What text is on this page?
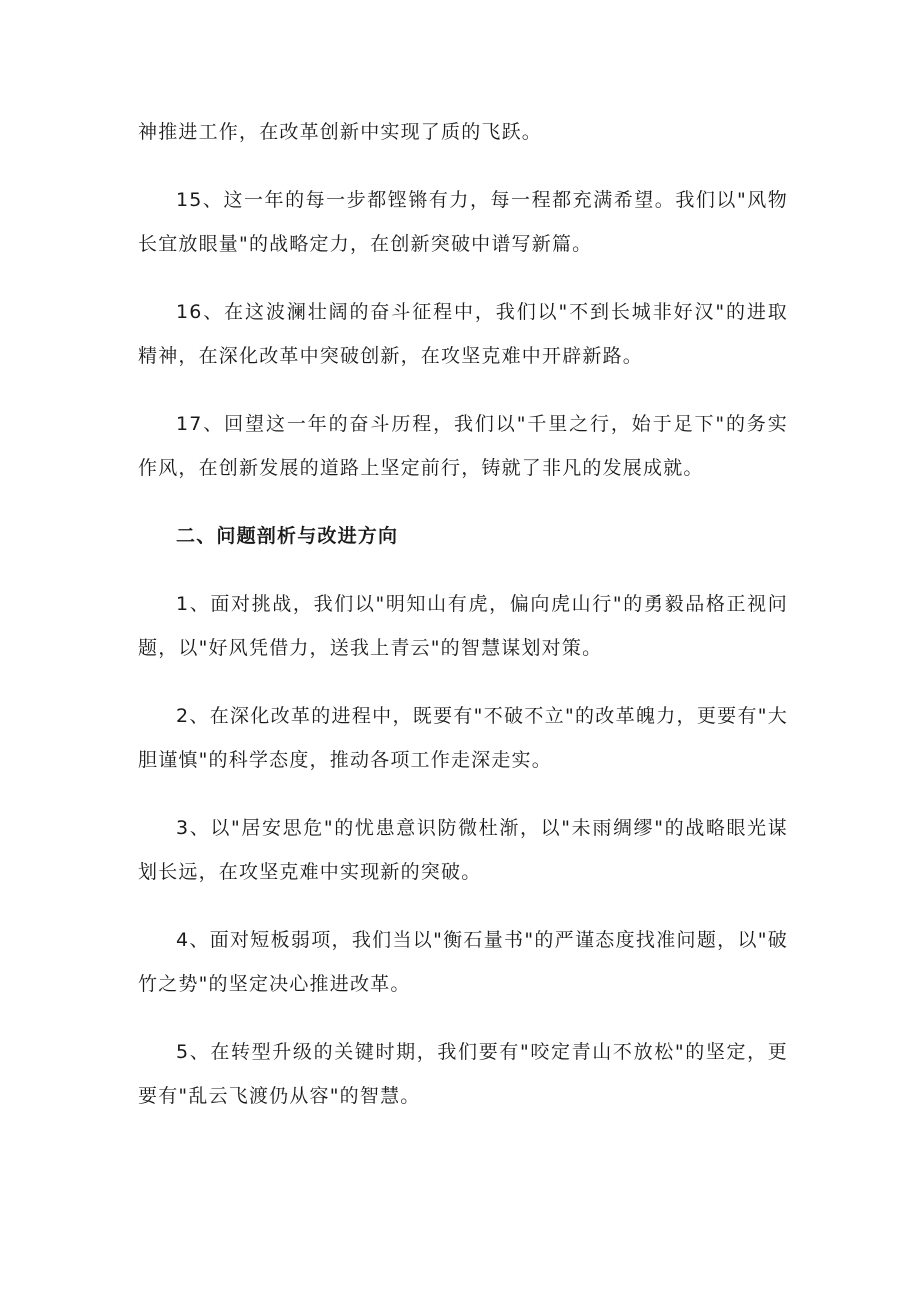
神推进工作，在改革创新中实现了质的飞跃。

15、这一年的每一步都铿锵有力，每一程都充满希望。我们以"风物长宜放眼量"的战略定力，在创新突破中谱写新篇。

16、在这波澜壮阔的奋斗征程中，我们以"不到长城非好汉"的进取精神，在深化改革中突破创新，在攻坚克难中开辟新路。

17、回望这一年的奋斗历程，我们以"千里之行，始于足下"的务实作风，在创新发展的道路上坚定前行，铸就了非凡的发展成就。

二、问题剖析与改进方向

1、面对挑战，我们以"明知山有虎，偏向虎山行"的勇毅品格正视问题，以"好风凭借力，送我上青云"的智慧谋划对策。

2、在深化改革的进程中，既要有"不破不立"的改革魄力，更要有"大胆谨慎"的科学态度，推动各项工作走深走实。

3、以"居安思危"的忧患意识防微杜渐，以"未雨绸缪"的战略眼光谋划长远，在攻坚克难中实现新的突破。

4、面对短板弱项，我们当以"衡石量书"的严谨态度找准问题，以"破竹之势"的坚定决心推进改革。

5、在转型升级的关键时期，我们要有"咬定青山不放松"的坚定，更要有"乱云飞渡仍从容"的智慧。
